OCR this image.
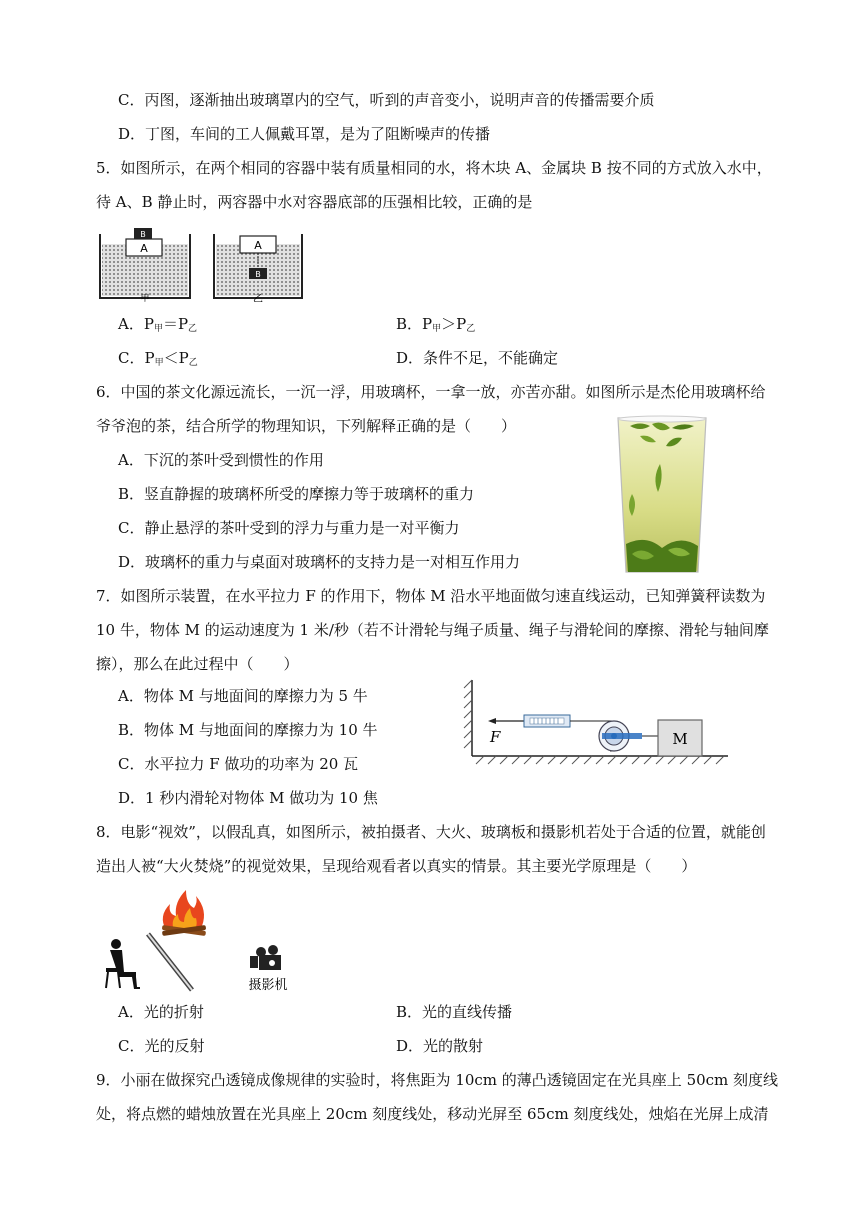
C．丙图，逐渐抽出玻璃罩内的空气，听到的声音变小，说明声音的传播需要介质
D．丁图，车间的工人佩戴耳罩，是为了阻断噪声的传播
5．如图所示，在两个相同的容器中装有质量相同的水，将木块 A、金属块 B 按不同的方式放入水中，
待 A、B 静止时，两容器中水对容器底部的压强相比较，正确的是
A
B
甲
A
B
乙
A．$P_甲=P_乙$	B．$P_甲>P_乙$
C．$P_甲<P_乙$	D．条件不足，不能确定
6．中国的茶文化源远流长，一沉一浮，用玻璃杯，一拿一放，亦苦亦甜。如图所示是杰伦用玻璃杯给
爷爷泡的茶，结合所学的物理知识，下列解释正确的是（　　）
A．下沉的茶叶受到惯性的作用
B．竖直静握的玻璃杯所受的摩擦力等于玻璃杯的重力
C．静止悬浮的茶叶受到的浮力与重力是一对平衡力
D．玻璃杯的重力与桌面对玻璃杯的支持力是一对相互作用力
7．如图所示装置，在水平拉力 F 的作用下，物体 M 沿水平地面做匀速直线运动，已知弹簧秤读数为
10 牛，物体 M 的运动速度为 1 米/秒（若不计滑轮与绳子质量、绳子与滑轮间的摩擦、滑轮与轴间摩
擦），那么在此过程中（　　）
A．物体 M 与地面间的摩擦力为 5 牛
B．物体 M 与地面间的摩擦力为 10 牛
C．水平拉力 F 做功的功率为 20 瓦
D．1 秒内滑轮对物体 M 做功为 10 焦
F	M
8．电影“视效”，以假乱真，如图所示，被拍摄者、大火、玻璃板和摄影机若处于合适的位置，就能创
造出人被“大火焚烧”的视觉效果，呈现给观看者以真实的情景。其主要光学原理是（　　）
摄影机
A．光的折射	B．光的直线传播
C．光的反射	D．光的散射
9．小丽在做探究凸透镜成像规律的实验时，将焦距为 10cm 的薄凸透镜固定在光具座上 50cm 刻度线
处，将点燃的蜡烛放置在光具座上 20cm 刻度线处，移动光屏至 65cm 刻度线处，烛焰在光屏上成清
